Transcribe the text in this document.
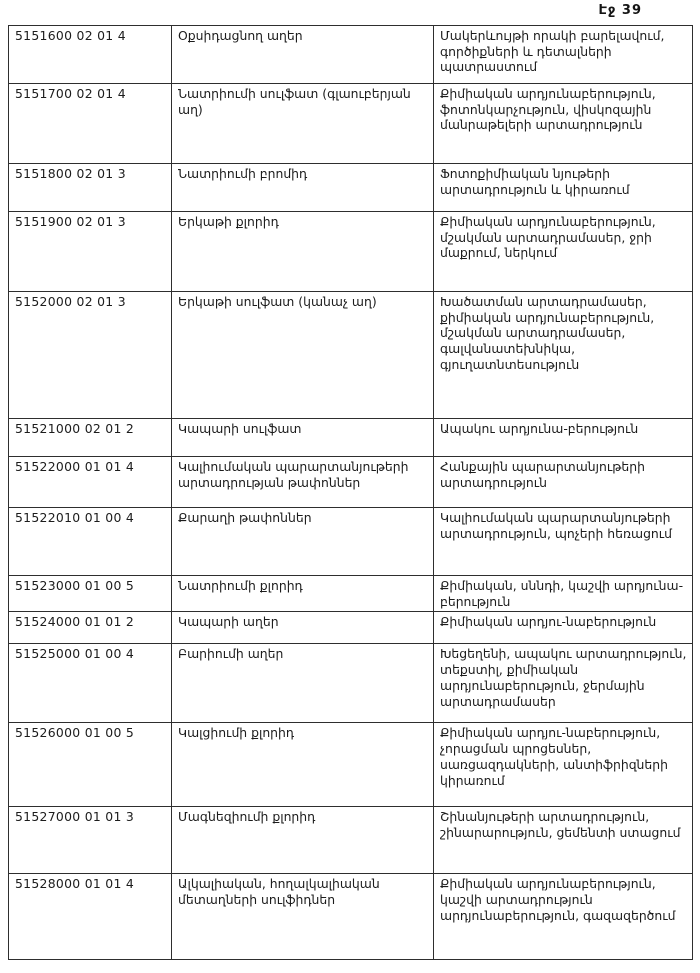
Էջ 39
5151600 02 01 4	Օքսիդացնող աղեր	Մակերևույթի որակի բարելավում, գործիքների և դետալների պատրաստում
5151700 02 01 4	Նատրիումի սուլֆատ (գլաուբերյան աղ)	Քիմիական արդյունաբերություն, ֆոտոնկարչություն, վիսկոզային մանրաթելերի արտադրություն
5151800 02 01 3	Նատրիումի բրոմիդ	Ֆոտոքիմիական նյութերի արտադրություն և կիրառում
5151900 02 01 3	Երկաթի քլորիդ	Քիմիական արդյունաբերություն, մշակման արտադրամասեր, ջրի մաքրում, ներկում
5152000 02 01 3	Երկաթի սուլֆատ (կանաչ աղ)	Խածատման արտադրամասեր, քիմիական արդյունաբերություն, մշակման արտադրամասեր, գալվանատեխնիկա, գյուղատնտեսություն
51521000 02 01 2	Կապարի սուլֆատ	Ապակու արդյունա-բերություն
51522000 01 01 4	Կալիումական պարարտանյութերի արտադրության թափոններ	Հանքային պարարտանյութերի արտադրություն
51522010 01 00 4	Քարաղի թափոններ	Կալիումական պարարտանյութերի արտադրություն, պոչերի հեռացում
51523000 01 00 5	Նատրիումի քլորիդ	Քիմիական, սննդի, կաշվի արդյունա-բերություն
51524000 01 01 2	Կապարի աղեր	Քիմիական արդյու-նաբերություն
51525000 01 00 4	Բարիումի աղեր	Խեցեղենի, ապակու արտադրություն, տեքստիլ, քիմիական արդյունաբերություն, ջերմային արտադրամասեր
51526000 01 00 5	Կալցիումի քլորիդ	Քիմիական արդյու-նաբերություն, չորացման պրոցեսներ, սառցազդակների, անտիֆրիզների կիրառում
51527000 01 01 3	Մագնեզիումի քլորիդ	Շինանյութերի արտադրություն, շինարարություն, ցեմենտի ստացում
51528000 01 01 4	Ալկալիական, հողալկալիական մետաղների սուլֆիդներ	Քիմիական արդյունաբերություն, կաշվի արտադրություն արդյունաբերություն, գազազերծում
